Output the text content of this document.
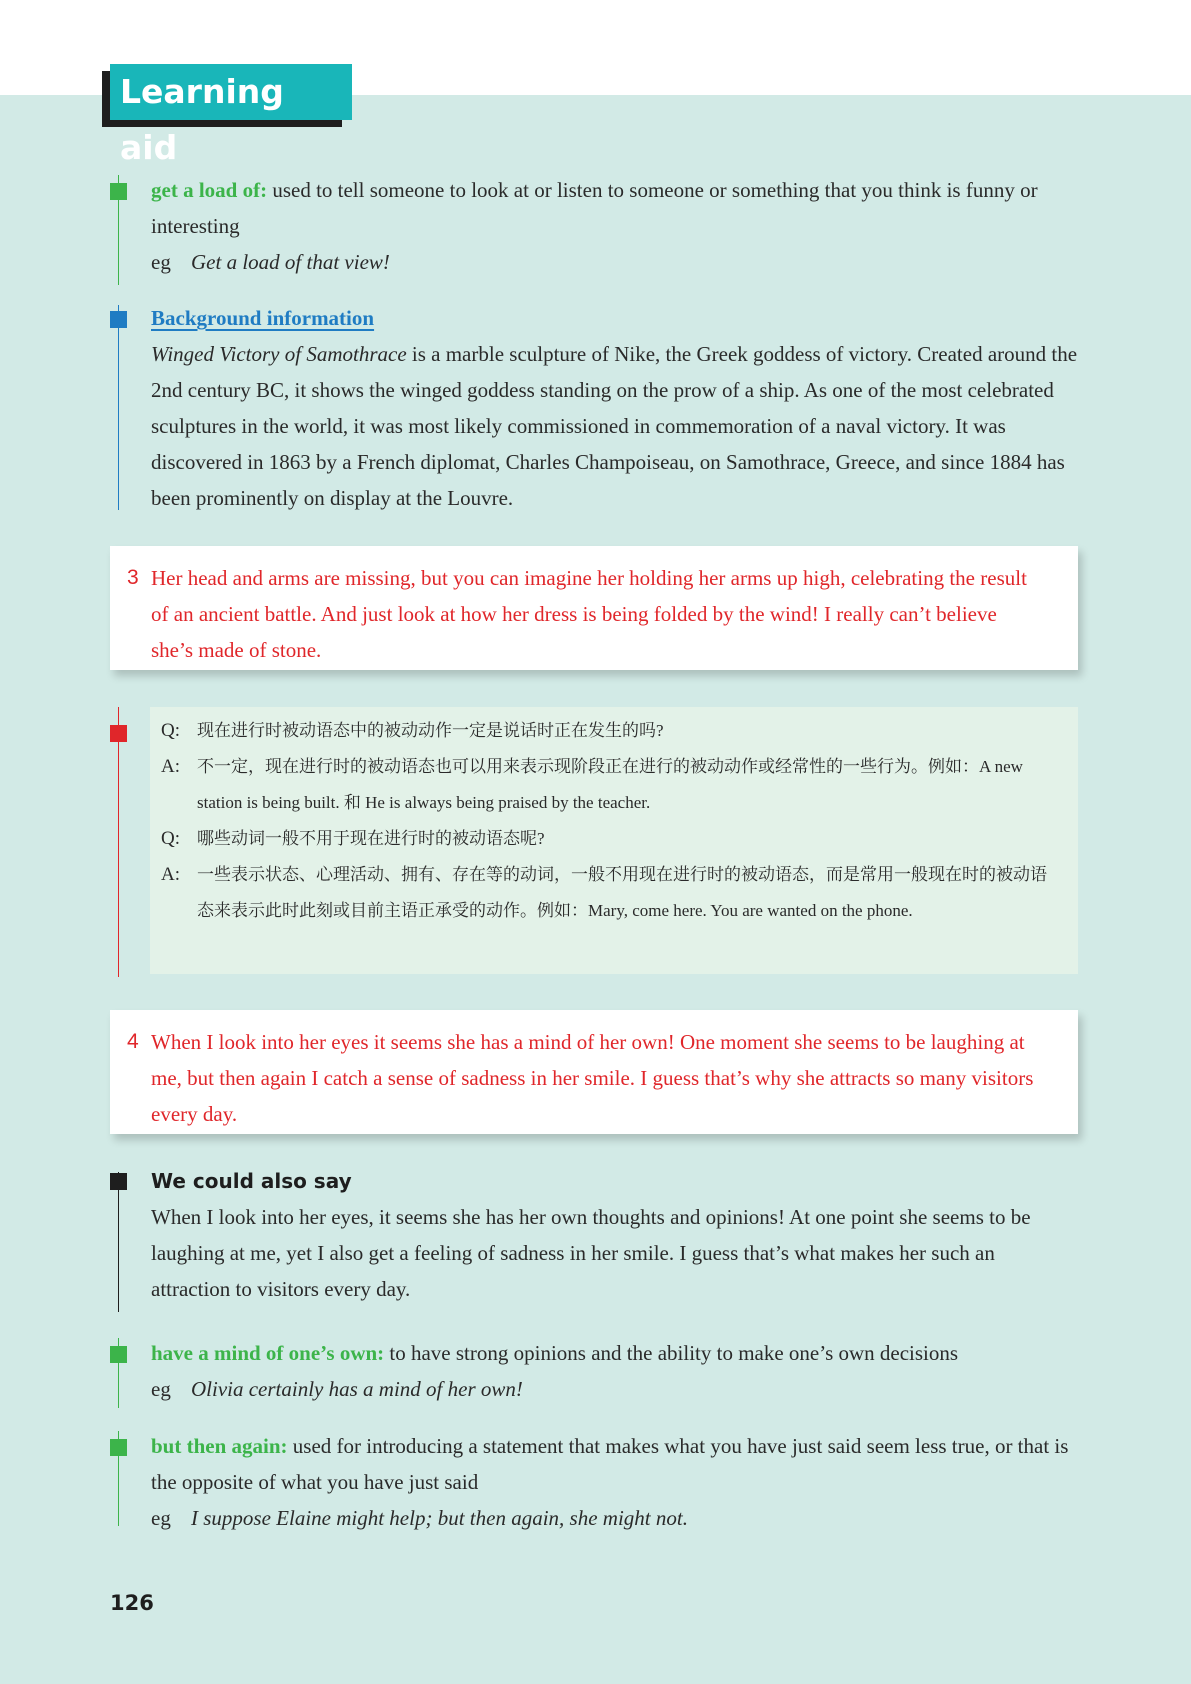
Learning aid

get a load of: used to tell someone to look at or listen to someone or something that you think is funny or interesting

eg Get a load of that view!

Background information

Winged Victory of Samothrace is a marble sculpture of Nike, the Greek goddess of victory. Created around the 2nd century BC, it shows the winged goddess standing on the prow of a ship. As one of the most celebrated sculptures in the world, it was most likely commissioned in commemoration of a naval victory. It was discovered in 1863 by a French diplomat, Charles Champoiseau, on Samothrace, Greece, and since 1884 has been prominently on display at the Louvre.

3 Her head and arms are missing, but you can imagine her holding her arms up high, celebrating the result of an ancient battle. And just look at how her dress is being folded by the wind! I really can’t believe she’s made of stone.
Q: 现在进行时被动语态中的被动动作一定是说话时正在发生的吗?
A: 不一定，现在进行时的被动语态也可以用来表示现阶段正在进行的被动动作或经常性的一些行为。例如：A new station is being built. 和 He is always being praised by the teacher.
Q: 哪些动词一般不用于现在进行时的被动语态呢?
A: 一些表示状态、心理活动、拥有、存在等的动词，一般不用现在进行时的被动语态，而是常用一般现在时的被动语态来表示此时此刻或目前主语正承受的动作。例如：Mary, come here. You are wanted on the phone.
4 When I look into her eyes it seems she has a mind of her own! One moment she seems to be laughing at me, but then again I catch a sense of sadness in her smile. I guess that’s why she attracts so many visitors every day.

We could also say

When I look into her eyes, it seems she has her own thoughts and opinions! At one point she seems to be laughing at me, yet I also get a feeling of sadness in her smile. I guess that’s what makes her such an attraction to visitors every day.

have a mind of one’s own: to have strong opinions and the ability to make one’s own decisions

eg Olivia certainly has a mind of her own!

but then again: used for introducing a statement that makes what you have just said seem less true, or that is the opposite of what you have just said

eg I suppose Elaine might help; but then again, she might not.

126
